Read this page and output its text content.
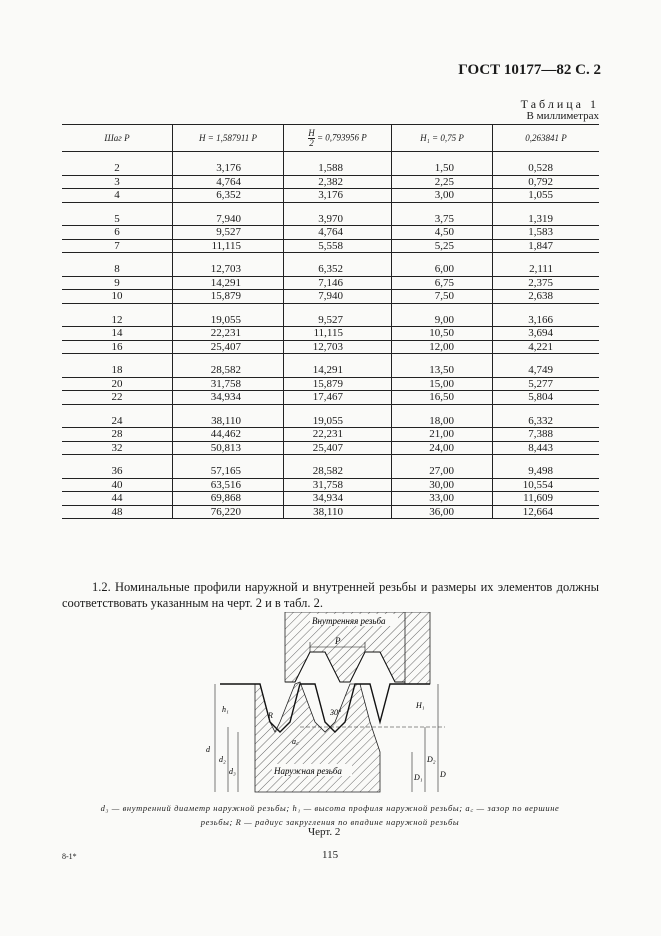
ГОСТ 10177—82 С. 2
Таблица 1
В миллиметрах
Шаг P	H = 1,587911 P	$\frac{H}{2} = 0,793956$ P	H₁ = 0,75 P	0,263841 P

2	3,176	1,588	1,50	0,528
3	4,764	2,382	2,25	0,792
4	6,352	3,176	3,00	1,055

5	7,940	3,970	3,75	1,319
6	9,527	4,764	4,50	1,583
7	11,115	5,558	5,25	1,847

8	12,703	6,352	6,00	2,111
9	14,291	7,146	6,75	2,375
10	15,879	7,940	7,50	2,638

12	19,055	9,527	9,00	3,166
14	22,231	11,115	10,50	3,694
16	25,407	12,703	12,00	4,221

18	28,582	14,291	13,50	4,749
20	31,758	15,879	15,00	5,277
22	34,934	17,467	16,50	5,804

24	38,110	19,055	18,00	6,332
28	44,462	22,231	21,00	7,388
32	50,813	25,407	24,00	8,443

36	57,165	28,582	27,00	9,498
40	63,516	31,758	30,00	10,554
44	69,868	34,934	33,00	11,609
48	76,220	38,110	36,00	12,664
1.2. Номинальные профили наружной и внутренней резьбы и размеры их элементов должны соответствовать указанным на черт. 2 и в табл. 2.
Внутренняя резьба
Наружная резьба
30°
P
h₁	H₁
R
a꜀
d
d₂
d₃	D
D₂
D₁
d₃ — внутренний диаметр наружной резьбы; h₁ — высота профиля наружной резьбы; a꜀ — зазор по вершине резьбы; R — радиус закругления по впадине наружной резьбы
Черт. 2
115
8-1*
